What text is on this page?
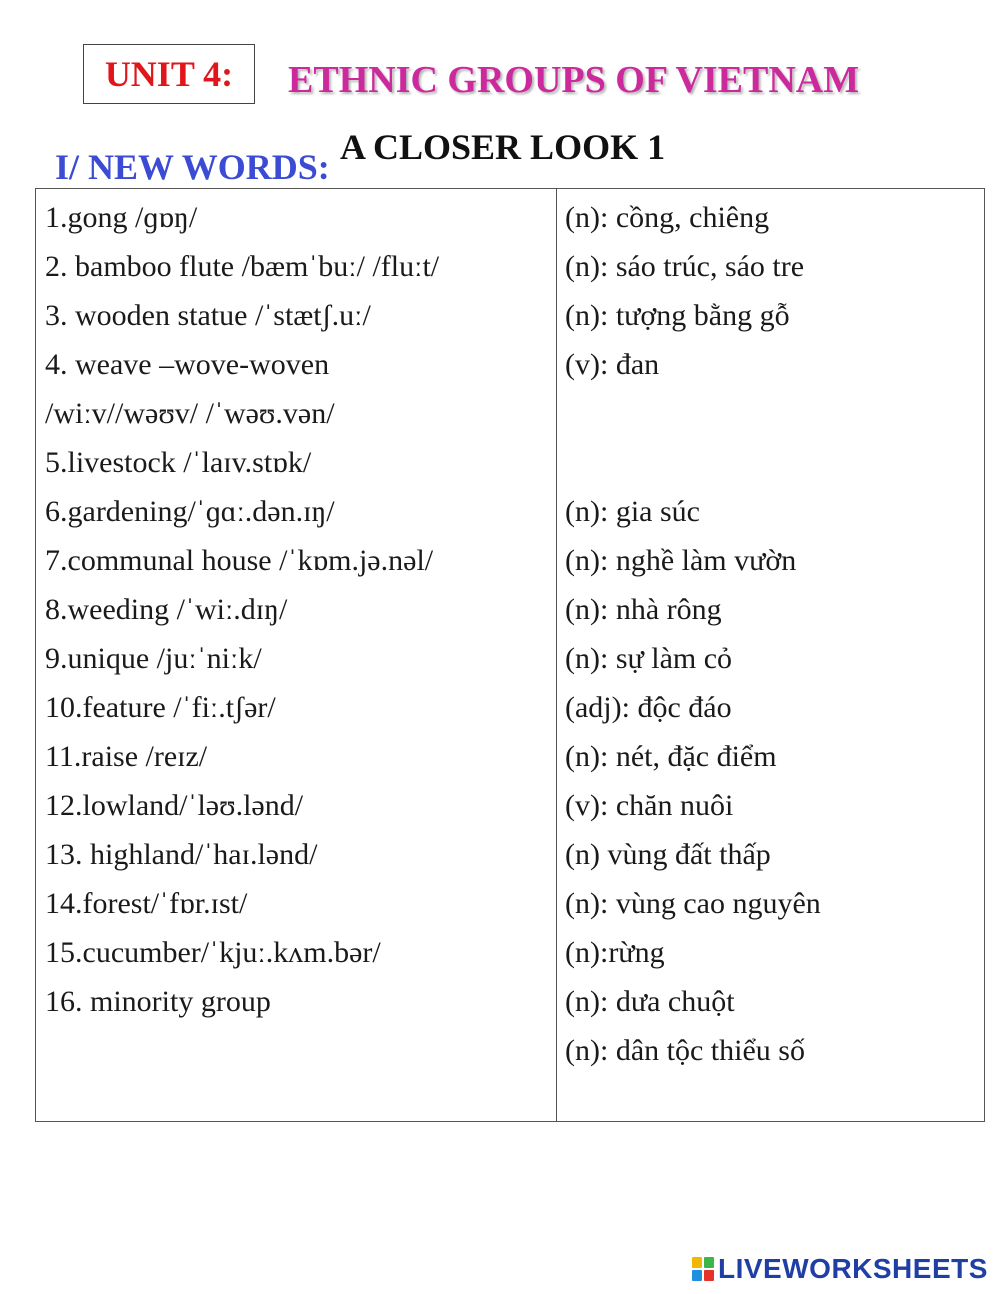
UNIT 4: ETHNIC GROUPS OF VIETNAM
A CLOSER LOOK 1
I/ NEW WORDS:
1.gong /ɡɒŋ/
2. bamboo flute /bæmˈbuː/ /fluːt/
3. wooden statue /ˈstætʃ.uː/
4. weave –wove-woven
/wiːv//wəʊv/ /ˈwəʊ.vən/
5.livestock /ˈlaɪv.stɒk/
6.gardening/ˈɡɑː.dən.ɪŋ/
7.communal house /ˈkɒm.jə.nəl/
8.weeding /ˈwiː.dɪŋ/
9.unique /juːˈniːk/
10.feature /ˈfiː.tʃər/
11.raise /reɪz/
12.lowland/ˈləʊ.lənd/
13. highland/ˈhaɪ.lənd/
14.forest/ˈfɒr.ɪst/
15.cucumber/ˈkjuː.kʌm.bər/
16. minority group
(n): cồng, chiêng
(n): sáo trúc, sáo tre
(n): tượng bằng gỗ
(v): đan
(n): gia súc
(n): nghề làm vườn
(n): nhà rông
(n): sự làm cỏ
(adj): độc đáo
(n): nét, đặc điểm
(v): chăn nuôi
(n) vùng đất thấp
(n): vùng cao nguyên
(n):rừng
(n): dưa chuột
(n): dân tộc thiểu số
LIVEWORKSHEETS
